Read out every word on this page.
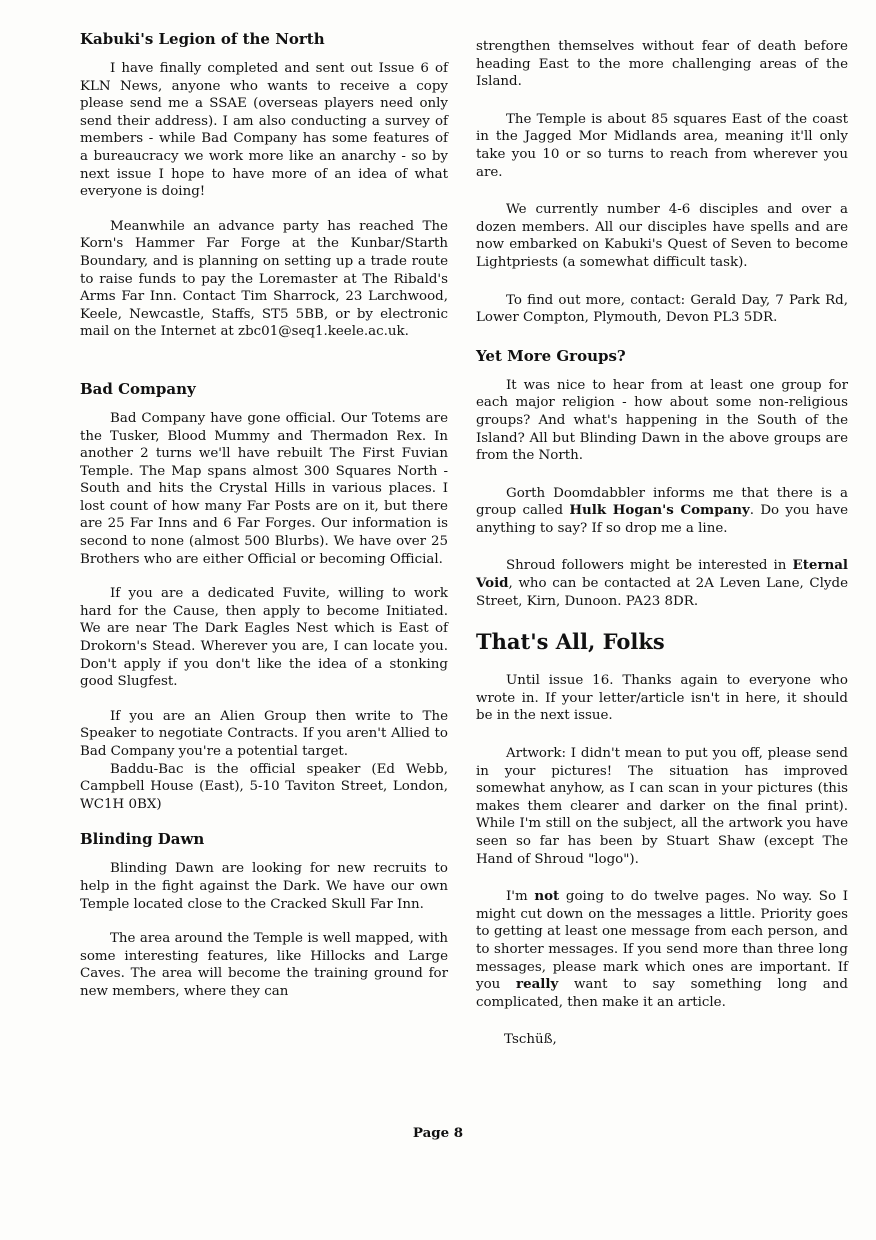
Kabuki's Legion of the North

I have finally completed and sent out Issue 6 of KLN News, anyone who wants to receive a copy please send me a SSAE (overseas players need only send their address). I am also conducting a survey of members - while Bad Company has some features of a bureaucracy we work more like an anarchy - so by next issue I hope to have more of an idea of what everyone is doing!

Meanwhile an advance party has reached The Korn's Hammer Far Forge at the Kunbar/Starth Boundary, and is planning on setting up a trade route to raise funds to pay the Loremaster at The Ribald's Arms Far Inn. Contact Tim Sharrock, 23 Larchwood, Keele, Newcastle, Staffs, ST5 5BB, or by electronic mail on the Internet at zbc01@seq1.keele.ac.uk.

Bad Company

Bad Company have gone official. Our Totems are the Tusker, Blood Mummy and Thermadon Rex. In another 2 turns we'll have rebuilt The First Fuvian Temple. The Map spans almost 300 Squares North - South and hits the Crystal Hills in various places. I lost count of how many Far Posts are on it, but there are 25 Far Inns and 6 Far Forges. Our information is second to none (almost 500 Blurbs). We have over 25 Brothers who are either Official or becoming Official.

If you are a dedicated Fuvite, willing to work hard for the Cause, then apply to become Initiated. We are near The Dark Eagles Nest which is East of Drokorn's Stead. Wherever you are, I can locate you. Don't apply if you don't like the idea of a stonking good Slugfest.

If you are an Alien Group then write to The Speaker to negotiate Contracts. If you aren't Allied to Bad Company you're a potential target.

Baddu-Bac is the official speaker (Ed Webb, Campbell House (East), 5-10 Taviton Street, London, WC1H 0BX)

Blinding Dawn

Blinding Dawn are looking for new recruits to help in the fight against the Dark. We have our own Temple located close to the Cracked Skull Far Inn.

The area around the Temple is well mapped, with some interesting features, like Hillocks and Large Caves. The area will become the training ground for new members, where they can

strengthen themselves without fear of death before heading East to the more challenging areas of the Island.

The Temple is about 85 squares East of the coast in the Jagged Mor Midlands area, meaning it'll only take you 10 or so turns to reach from wherever you are.

We currently number 4-6 disciples and over a dozen members. All our disciples have spells and are now embarked on Kabuki's Quest of Seven to become Lightpriests (a somewhat difficult task).

To find out more, contact: Gerald Day, 7 Park Rd, Lower Compton, Plymouth, Devon PL3 5DR.

Yet More Groups?

It was nice to hear from at least one group for each major religion - how about some non-religious groups? And what's happening in the South of the Island? All but Blinding Dawn in the above groups are from the North.

Gorth Doomdabbler informs me that there is a group called Hulk Hogan's Company. Do you have anything to say? If so drop me a line.

Shroud followers might be interested in Eternal Void, who can be contacted at 2A Leven Lane, Clyde Street, Kirn, Dunoon. PA23 8DR.

That's All, Folks

Until issue 16. Thanks again to everyone who wrote in. If your letter/article isn't in here, it should be in the next issue.

Artwork: I didn't mean to put you off, please send in your pictures! The situation has improved somewhat anyhow, as I can scan in your pictures (this makes them clearer and darker on the final print). While I'm still on the subject, all the artwork you have seen so far has been by Stuart Shaw (except The Hand of Shroud "logo").

I'm not going to do twelve pages. No way. So I might cut down on the messages a little. Priority goes to getting at least one message from each person, and to shorter messages. If you send more than three long messages, please mark which ones are important. If you really want to say something long and complicated, then make it an article.

Tschüß,

Page 8
